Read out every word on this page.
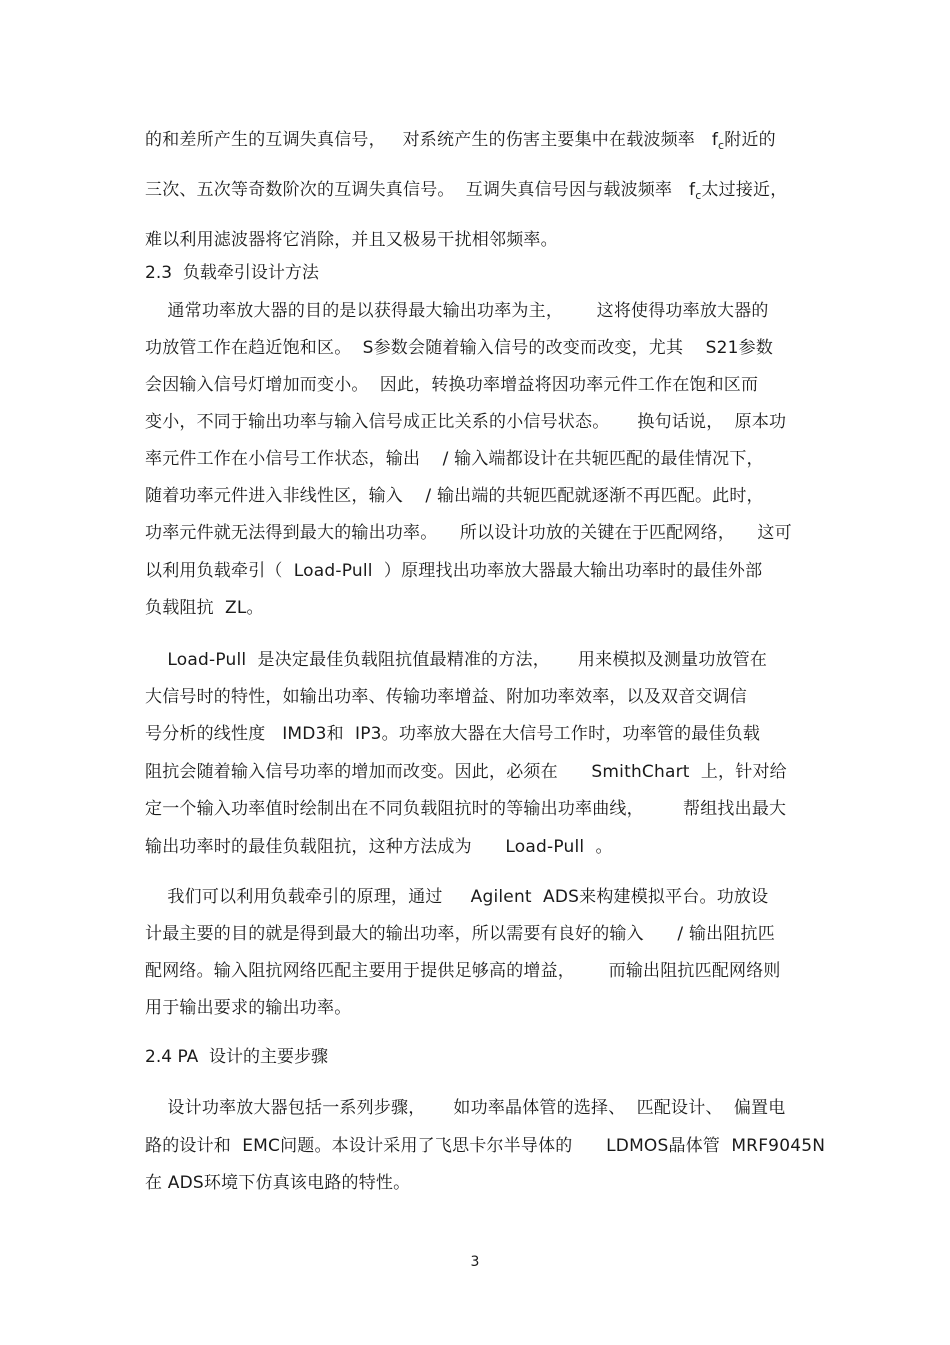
的和差所产生的互调失真信号，   对系统产生的伤害主要集中在载波频率   $f_c$附近的
三次、五次等奇数阶次的互调失真信号。  互调失真信号因与载波频率   $f_c$太过接近，
难以利用滤波器将它消除，并且又极易干扰相邻频率。
2.3  负载牵引设计方法
通常功率放大器的目的是以获得最大输出功率为主，      这将使得功率放大器的
功放管工作在趋近饱和区。  S参数会随着输入信号的改变而改变，尤其    S21参数
会因输入信号灯增加而变小。  因此，转换功率增益将因功率元件工作在饱和区而
变小，不同于输出功率与输入信号成正比关系的小信号状态。     换句话说，  原本功
率元件工作在小信号工作状态，输出    / 输入端都设计在共轭匹配的最佳情况下，
随着功率元件进入非线性区，输入    / 输出端的共轭匹配就逐渐不再匹配。此时，
功率元件就无法得到最大的输出功率。    所以设计功放的关键在于匹配网络，    这可
以利用负载牵引（  Load-Pull  ）原理找出功率放大器最大输出功率时的最佳外部
负载阻抗  ZL。
Load-Pull  是决定最佳负载阻抗值最精准的方法，     用来模拟及测量功放管在
大信号时的特性，如输出功率、传输功率增益、附加功率效率，以及双音交调信
号分析的线性度   IMD3和  IP3。功率放大器在大信号工作时，功率管的最佳负载
阻抗会随着输入信号功率的增加而改变。因此，必须在      SmithChart  上，针对给
定一个输入功率值时绘制出在不同负载阻抗时的等输出功率曲线，       帮组找出最大
输出功率时的最佳负载阻抗，这种方法成为      Load-Pull  。
我们可以利用负载牵引的原理，通过     Agilent  ADS来构建模拟平台。功放设
计最主要的目的就是得到最大的输出功率，所以需要有良好的输入      / 输出阻抗匹
配网络。输入阻抗网络匹配主要用于提供足够高的增益，      而输出阻抗匹配网络则
用于输出要求的输出功率。
2.4 PA  设计的主要步骤
设计功率放大器包括一系列步骤，     如功率晶体管的选择、  匹配设计、  偏置电
路的设计和  EMC问题。本设计采用了飞思卡尔半导体的      LDMOS晶体管  MRF9045N
在 ADS环境下仿真该电路的特性。
3
